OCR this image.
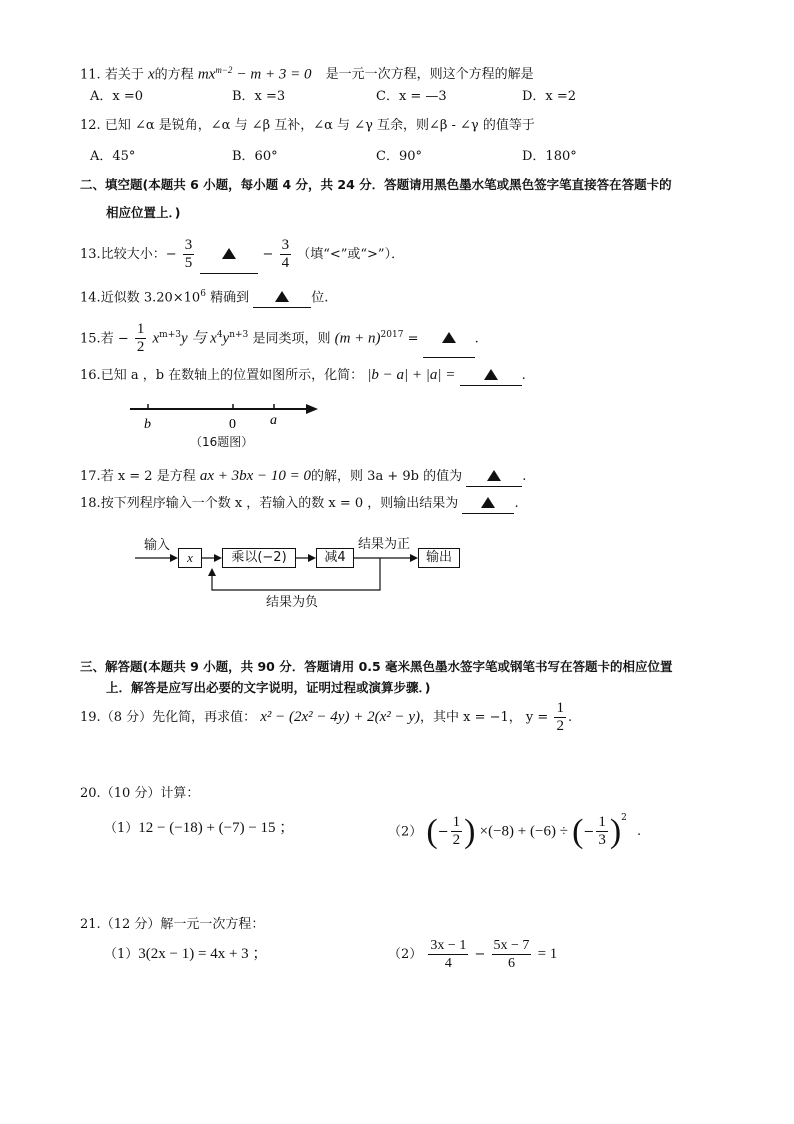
11. 若关于 x的方程 $mx^{m-2} - m + 3 = 0$ 是一元一次方程，则这个方程的解是
A．x =0	B．x =3	C．x = —3	D．x =2
12. 已知 ∠α 是锐角，∠α 与 ∠β 互补，∠α 与 ∠γ 互余，则∠β - ∠γ 的值等于
A．45°	B．60°	C．90°	D．180°
二、填空题(本题共 6 小题，每小题 4 分，共 24 分．答题请用黑色墨水笔或黑色签字笔直接答在答题卡的
相应位置上．)
13.比较大小：− $\frac{3}{5}$	− $\frac{3}{4}$ （填“<”或“>”）．
14.近似数 $3.20\times 10^6$ 精确到	位.
15.若 − $\frac{1}{2} x^{m+3}y$ 与 $x^4y^{n+3}$ 是同类项，则 $(m + n)^{2017}$ =	.
16.已知 a ，b 在数轴上的位置如图所示，化简： |b − a| + |a| =	.
b	0 a
（16题图）
17.若 x = 2 是方程 ax + 3bx − 10 = 0的解，则 3a + 9b 的值为	.
18.按下列程序输入一个数 x ，若输入的数 x = 0 ，则输出结果为	.
输入
x	乘以(−2)	减4
结果为正
输出
结果为负
三、解答题(本题共 9 小题，共 90 分．答题请用 0.5 毫米黑色墨水签字笔或钢笔书写在答题卡的相应位置
上．解答是应写出必要的文字说明，证明过程或演算步骤．)
19.（8 分）先化简，再求值： x² − (2x² − 4y) + 2(x² − y)，其中 x = −1， $y = \frac{1}{2}$ .
20.（10 分）计算：
（1）12 − (−18) + (−7) − 15 ；	（2） (− $\frac{1}{2}$ ) ×(−8) + (−6) ÷ (− $\frac{1}{3} )^2$ .
21.（12 分）解一元一次方程：
（1）3(2x − 1) = 4x + 3 ；	$(2) \frac{3x - 1}{4} - \frac{5x - 7}{6} = 1$
